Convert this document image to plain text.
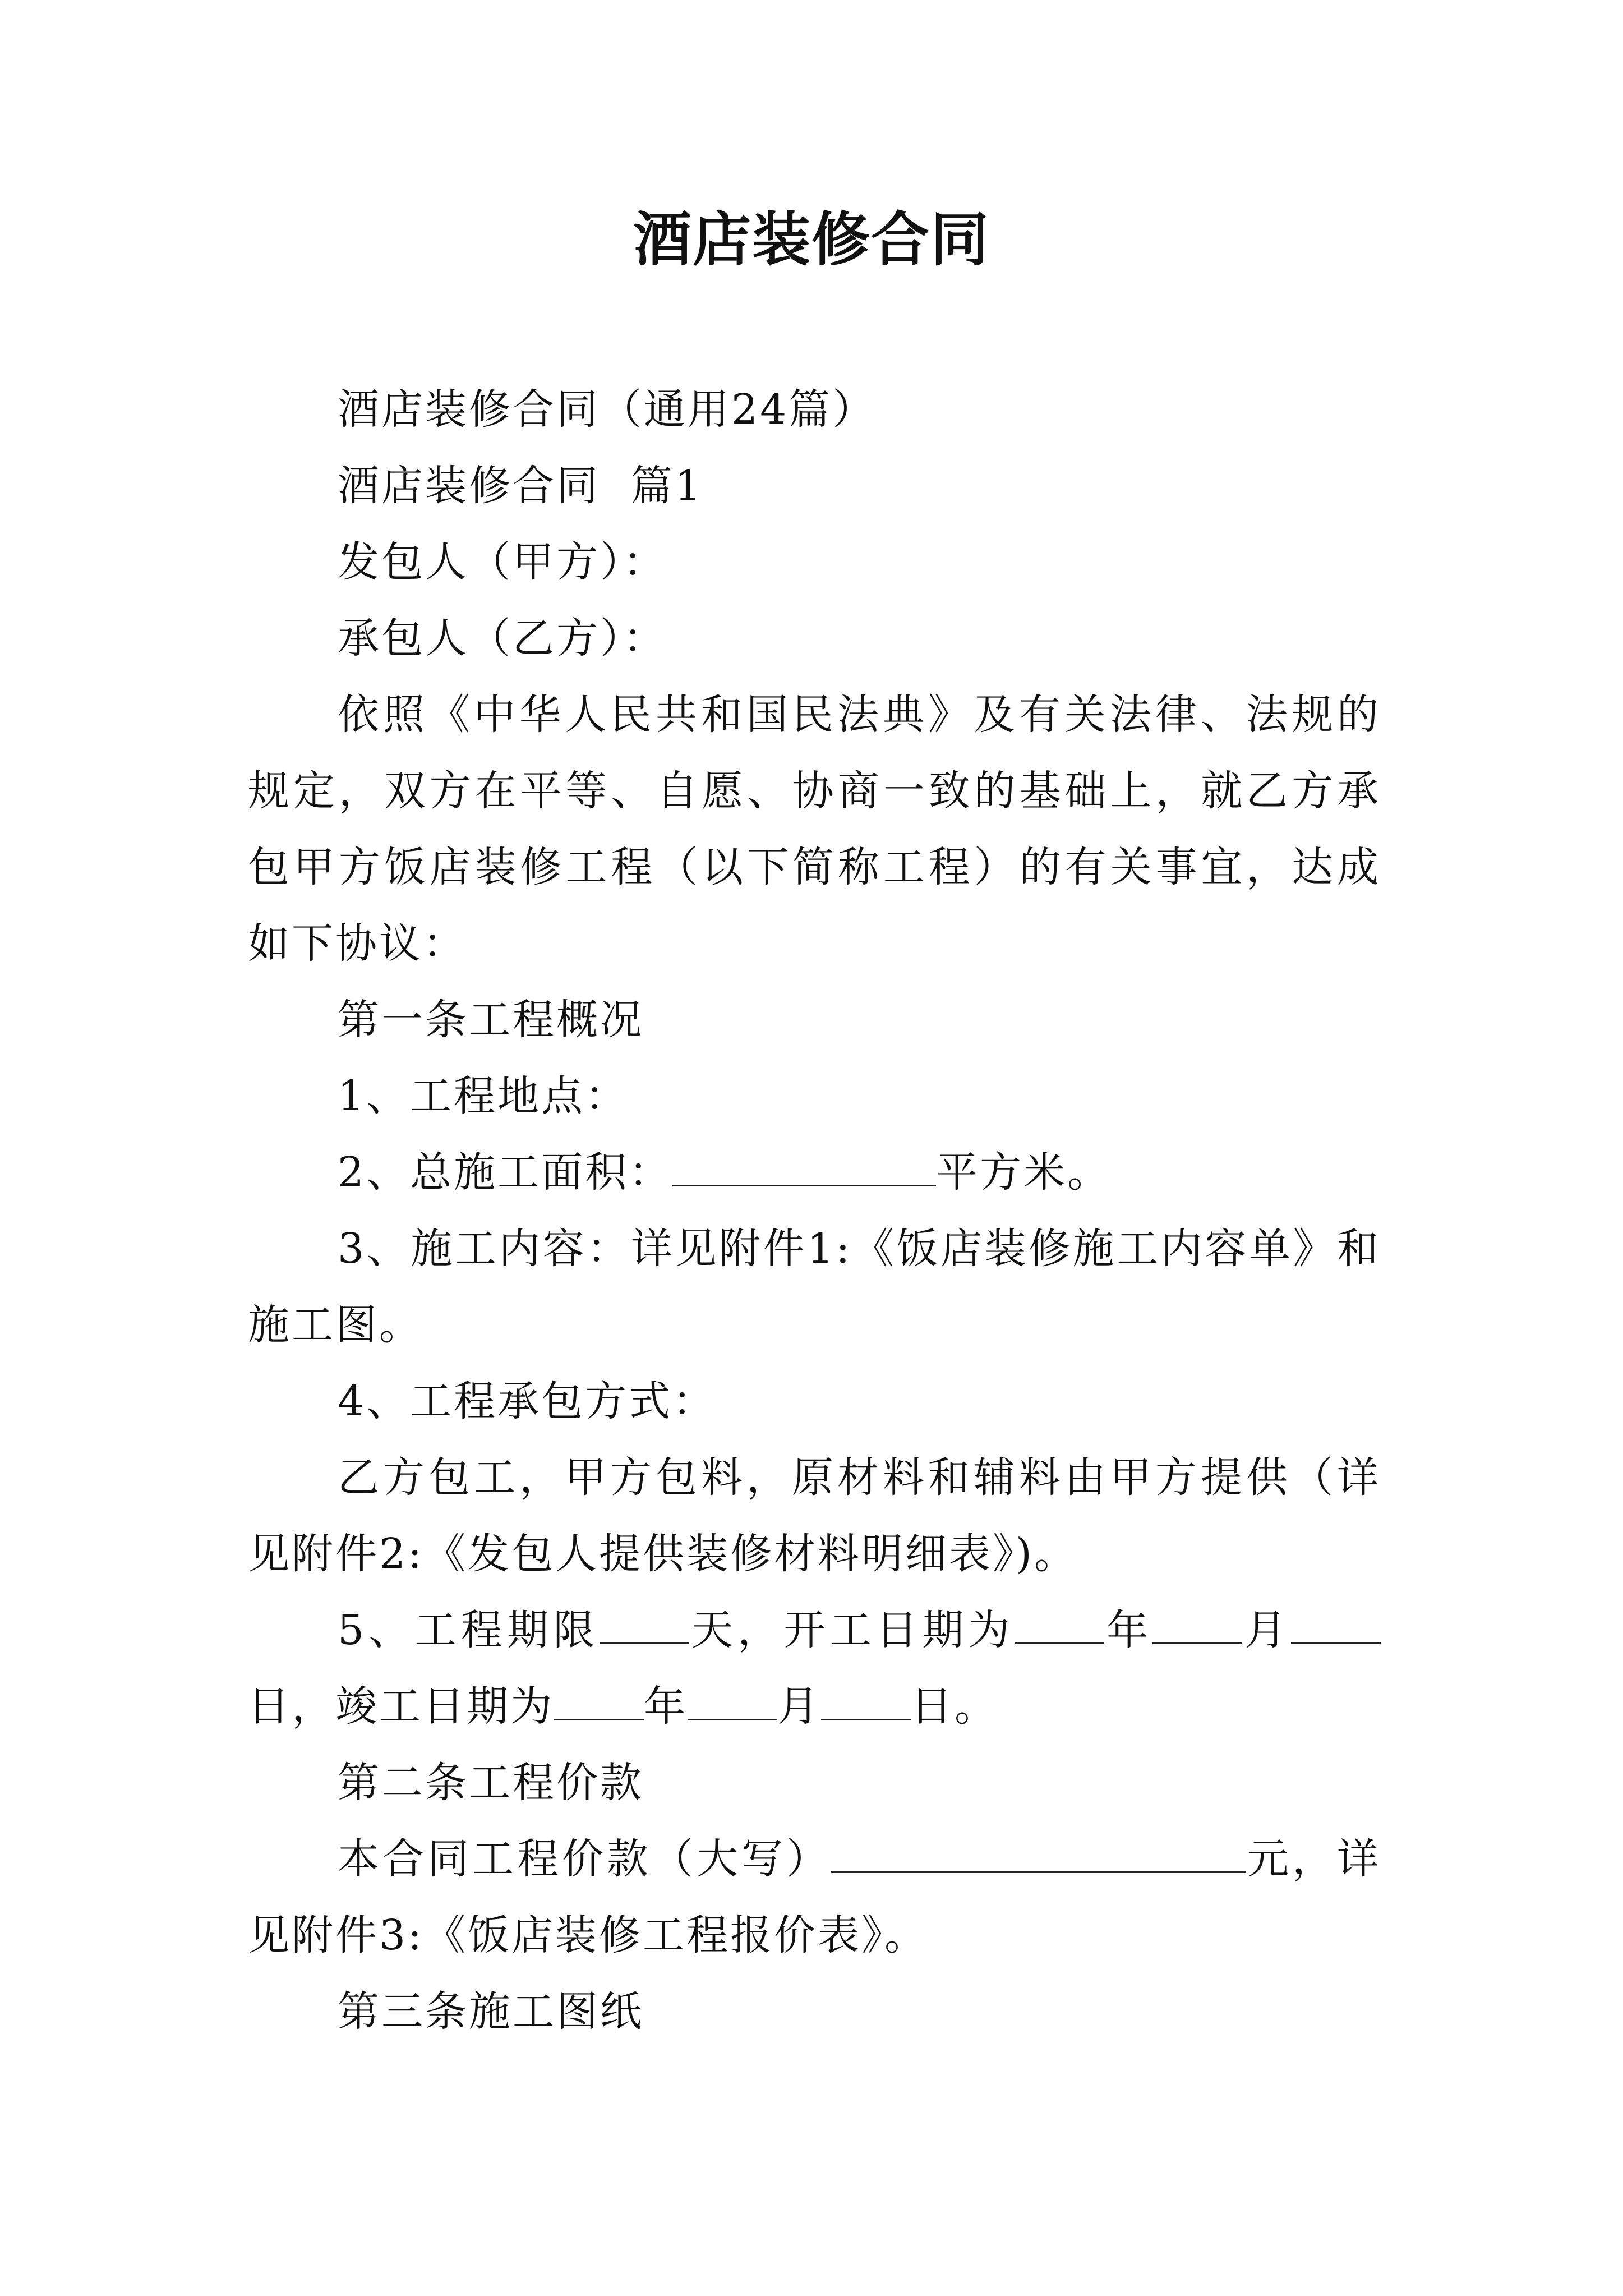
酒店装修合同

酒店装修合同（通用24篇）

酒店装修合同  篇1

发包人（甲方）：

承包人（乙方）：

依照《中华人民共和国民法典》及有关法律、法规的规定，双方在平等、自愿、协商一致的基础上，就乙方承包甲方饭店装修工程（以下简称工程）的有关事宜，达成如下协议：

第一条工程概况

1、工程地点：

2、总施工面积：	平方米。

3、施工内容：详见附件1:《饭店装修施工内容单》和施工图。

4、工程承包方式：

乙方包工，甲方包料，原材料和辅料由甲方提供（详见附件2:《发包人提供装修材料明细表》)。

5、工程期限 天，开工日期为 年 月日，竣工日期为 年 月 日。

第二条工程价款

本合同工程价款（大写）	元，详见附件3:《饭店装修工程报价表》。

第三条施工图纸
